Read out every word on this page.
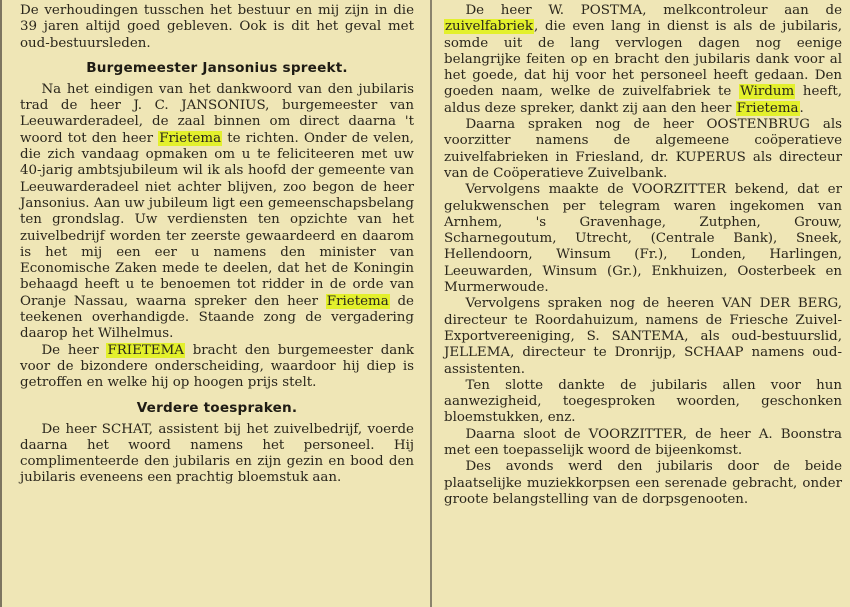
De verhoudingen tusschen het bestuur en mij zijn in die 39 jaren altijd goed gebleven. Ook is dit het geval met oud-bestuursleden.

Burgemeester Jansonius spreekt.

Na het eindigen van het dankwoord van den jubilaris trad de heer J. C. JANSONIUS, burgemeester van Leeuwarderadeel, de zaal binnen om direct daarna 't woord tot den heer Frietema te richten. Onder de velen, die zich vandaag opmaken om u te feliciteeren met uw 40-jarig ambtsjubileum wil ik als hoofd der gemeente van Leeuwarderadeel niet achter blijven, zoo begon de heer Jansonius. Aan uw jubileum ligt een gemeenschapsbelang ten grondslag. Uw verdiensten ten opzichte van het zuivelbedrijf worden ter zeerste gewaardeerd en daarom is het mij een eer u namens den minister van Economische Zaken mede te deelen, dat het de Koningin behaagd heeft u te benoemen tot ridder in de orde van Oranje Nassau, waarna spreker den heer Frietema de teekenen overhandigde. Staande zong de vergadering daarop het Wilhelmus.

De heer FRIETEMA bracht den burgemeester dank voor de bizondere onderscheiding, waardoor hij diep is getroffen en welke hij op hoogen prijs stelt.

Verdere toespraken.

De heer SCHAT, assistent bij het zuivelbedrijf, voerde daarna het woord namens het personeel. Hij complimenteerde den jubilaris en zijn gezin en bood den jubilaris eveneens een prachtig bloemstuk aan.

De heer W. POSTMA, melkcontroleur aan de zuivelfabriek, die even lang in dienst is als de jubilaris, somde uit de lang vervlogen dagen nog eenige belangrijke feiten op en bracht den jubilaris dank voor al het goede, dat hij voor het personeel heeft gedaan. Den goeden naam, welke de zuivelfabriek te Wirdum heeft, aldus deze spreker, dankt zij aan den heer Frietema.

Daarna spraken nog de heer OOSTENBRUG als voorzitter namens de algemeene coöperatieve zuivelfabrieken in Friesland, dr. KUPERUS als directeur van de Coöperatieve Zuivelbank.

Vervolgens maakte de VOORZITTER bekend, dat er gelukwenschen per telegram waren ingekomen van Arnhem, 's Gravenhage, Zutphen, Grouw, Scharnegoutum, Utrecht, (Centrale Bank), Sneek, Hellendoorn, Winsum (Fr.), Londen, Harlingen, Leeuwarden, Winsum (Gr.), Enkhuizen, Oosterbeek en Murmerwoude.

Vervolgens spraken nog de heeren VAN DER BERG, directeur te Roordahuizum, namens de Friesche Zuivel-Exportvereeniging, S. SANTEMA, als oud-bestuurslid, JELLEMA, directeur te Dronrijp, SCHAAP namens oud-assistenten.

Ten slotte dankte de jubilaris allen voor hun aanwezigheid, toegesproken woorden, geschonken bloemstukken, enz.

Daarna sloot de VOORZITTER, de heer A. Boonstra met een toepasselijk woord de bijeenkomst.

Des avonds werd den jubilaris door de beide plaatselijke muziekkorpsen een serenade gebracht, onder groote belangstelling van de dorpsgenooten.
